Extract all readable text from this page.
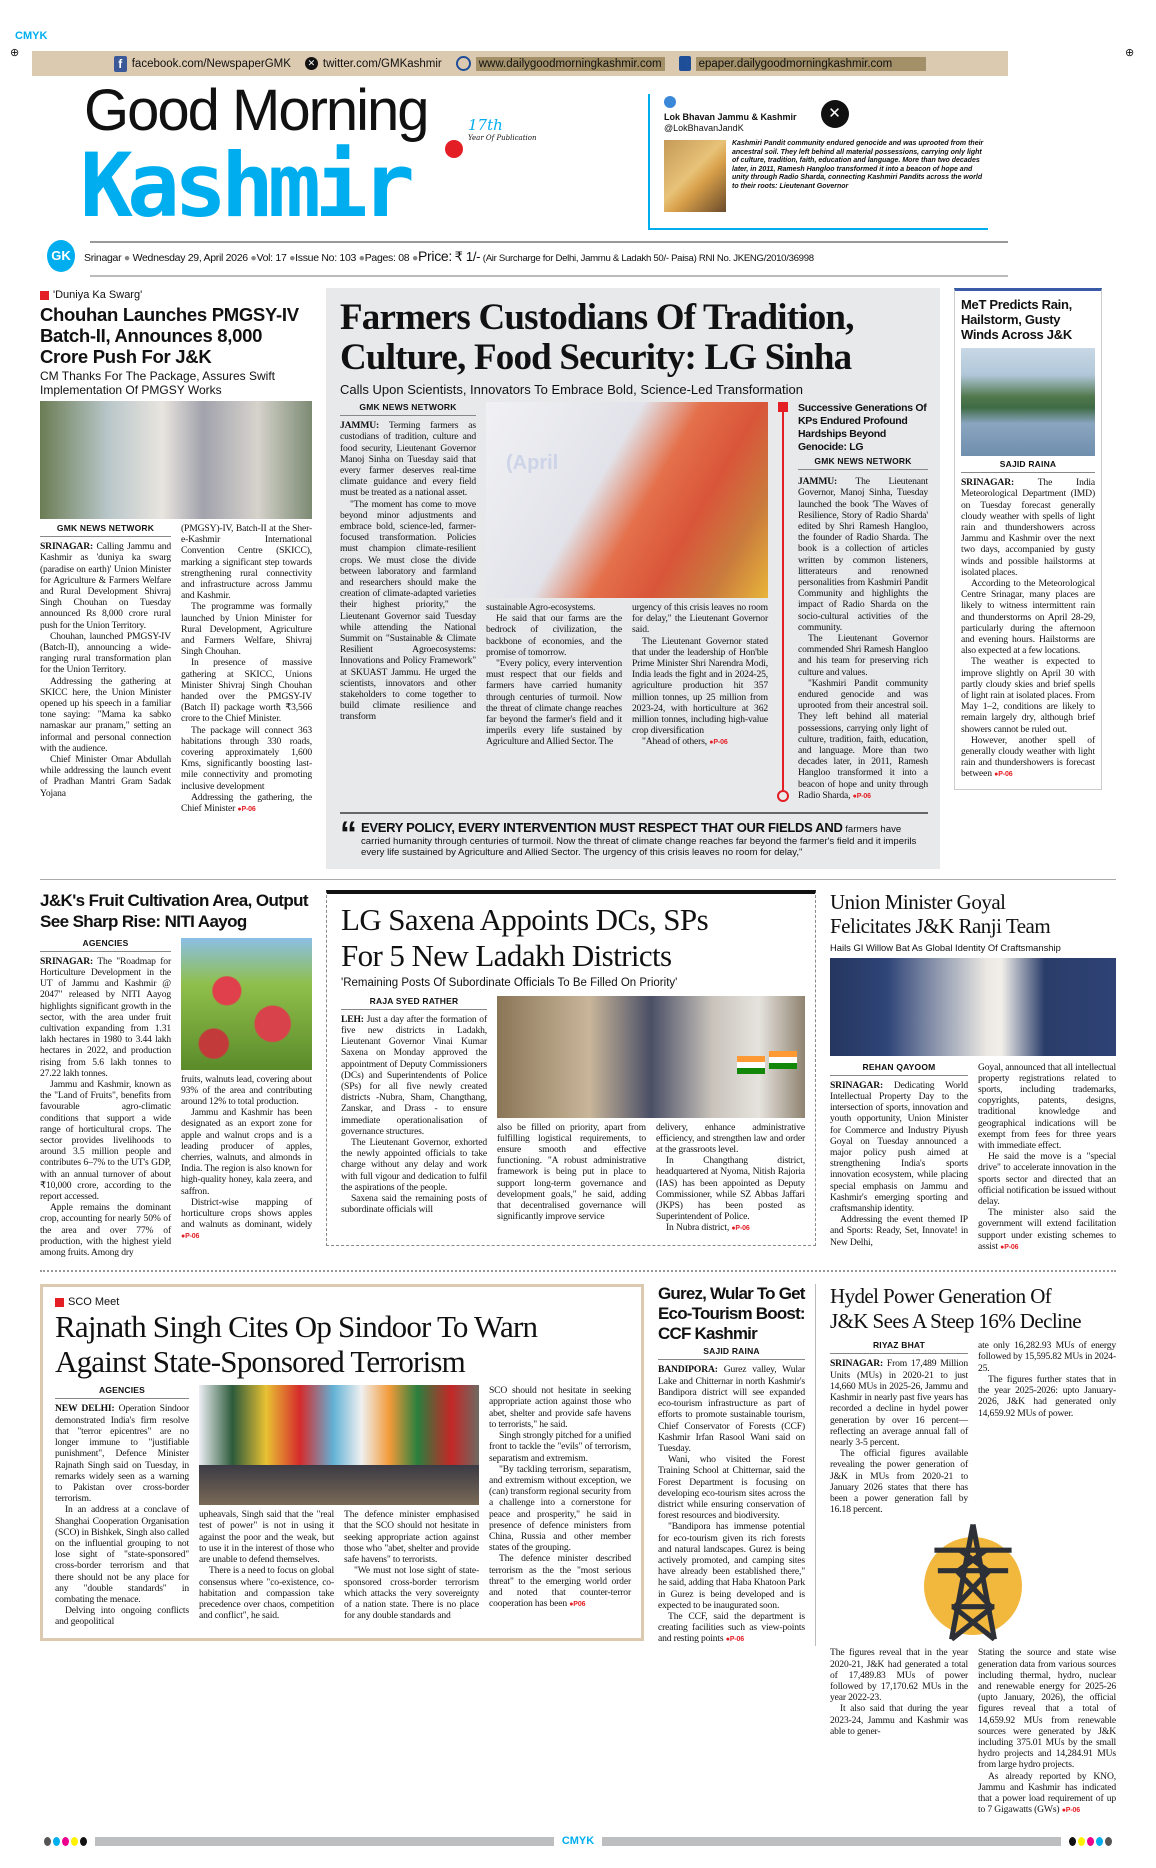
⊕	⊕
CMYK
f facebook.com/NewspaperGMK	✕ twitter.com/GMKashmir	www.dailygoodmorningkashmir.com	epaper.dailygoodmorningkashmir.com
Good Morning
Kashmir
17th
Year Of Publication
Lok Bhavan Jammu & Kashmir
@LokBhavanJandK
✕
Kashmiri Pandit community endured genocide and was uprooted from their ancestral soil. They left behind all material possessions, carrying only light of culture, tradition, faith, education and language. More than two decades later, in 2011, Ramesh Hangloo transformed it into a beacon of hope and unity through Radio Sharda, connecting Kashmiri Pandits across the world to their roots: Lieutenant Governor
GK	Srinagar ● Wednesday 29, April 2026 ●Vol: 17 ●Issue No: 103 ●Pages: 08 ●Price: ₹ 1/- (Air Surcharge for Delhi, Jammu & Ladakh 50/- Paisa) RNI No. JKENG/2010/36998
'Duniya Ka Swarg'
Chouhan Launches PMGSY-IV Batch-II, Announces 8,000 Crore Push For J&K
CM Thanks For The Package, Assures Swift Implementation Of PMGSY Works
GMK NEWS NETWORK

SRINAGAR: Calling Jammu and Kashmir as 'duniya ka swarg (paradise on earth)' Union Minister for Agriculture & Farmers Welfare and Rural Development Shivraj Singh Chouhan on Tuesday announced Rs 8,000 crore rural push for the Union Territory.

Chouhan, launched PMGSY-IV (Batch-II), announcing a wide-ranging rural transformation plan for the Union Territory.

Addressing the gathering at SKICC here, the Union Minister opened up his speech in a familiar tone saying: "Mama ka sabko namaskar aur pranam," setting an informal and personal connection with the audience.

Chief Minister Omar Abdullah while addressing the launch event of Pradhan Mantri Gram Sadak Yojana

(PMGSY)-IV, Batch-II at the Sher-e-Kashmir International Convention Centre (SKICC), marking a significant step towards strengthening rural connectivity and infrastructure across Jammu and Kashmir.

The programme was formally launched by Union Minister for Rural Development, Agriculture and Farmers Welfare, Shivraj Singh Chouhan.

In presence of massive gathering at SKICC, Unions Minister Shivraj Singh Chouhan handed over the PMGSY-IV (Batch II) package worth ₹3,566 crore to the Chief Minister.

The package will connect 363 habitations through 330 roads, covering approximately 1,600 Kms, significantly boosting last-mile connectivity and promoting inclusive development

Addressing the gathering, the Chief Minister ●P-06

Farmers Custodians Of Tradition,
Culture, Food Security: LG Sinha
Calls Upon Scientists, Innovators To Embrace Bold, Science-Led Transformation
GMK NEWS NETWORK

JAMMU: Terming farmers as custodians of tradition, culture and food security, Lieutenant Governor Manoj Sinha on Tuesday said that every farmer deserves real-time climate guidance and every field must be treated as a national asset.

"The moment has come to move beyond minor adjustments and embrace bold, science-led, farmer-focused transformation. Policies must champion climate-resilient crops. We must close the divide between laboratory and farmland and researchers should make the creation of climate-adapted varieties their highest priority," the Lieutenant Governor said Tuesday while attending the National Summit on "Sustainable & Climate Resilient Agroecosystems: Innovations and Policy Framework" at SKUAST Jammu. He urged the scientists, innovators and other stakeholders to come together to build climate resilience and transform

(April

sustainable Agro-ecosystems.

He said that our farms are the bedrock of civilization, the backbone of economies, and the promise of tomorrow.

"Every policy, every intervention must respect that our fields and farmers have carried humanity through centuries of turmoil. Now the threat of climate change reaches far beyond the farmer's field and it imperils every life sustained by Agriculture and Allied Sector. The

urgency of this crisis leaves no room for delay," the Lieutenant Governor said.

The Lieutenant Governor stated that under the leadership of Hon'ble Prime Minister Shri Narendra Modi, India leads the fight and in 2024-25, agriculture production hit 357 million tonnes, up 25 million from 2023-24, with horticulture at 362 million tonnes, including high-value crop diversification

"Ahead of others, ●P-06

Successive Generations Of KPs Endured Profound Hardships Beyond Genocide: LG
GMK NEWS NETWORK

JAMMU: The Lieutenant Governor, Manoj Sinha, Tuesday launched the book 'The Waves of Resilience, Story of Radio Sharda' edited by Shri Ramesh Hangloo, the founder of Radio Sharda. The book is a collection of articles written by common listeners, litterateurs and renowned personalities from Kashmiri Pandit Community and highlights the impact of Radio Sharda on the socio-cultural activities of the community.

The Lieutenant Governor commended Shri Ramesh Hangloo and his team for preserving rich culture and values.

"Kashmiri Pandit community endured genocide and was uprooted from their ancestral soil. They left behind all material possessions, carrying only light of culture, tradition, faith, education, and language. More than two decades later, in 2011, Ramesh Hangloo transformed it into a beacon of hope and unity through Radio Sharda, ●P-06

“ EVERY POLICY, EVERY INTERVENTION MUST RESPECT THAT OUR FIELDS AND farmers have carried humanity through centuries of turmoil. Now the threat of climate change reaches far beyond the farmer's field and it imperils every life sustained by Agriculture and Allied Sector. The urgency of this crisis leaves no room for delay,"
MeT Predicts Rain, Hailstorm, Gusty Winds Across J&K
SAJID RAINA

SRINAGAR: The India Meteorological Department (IMD) on Tuesday forecast generally cloudy weather with spells of light rain and thundershowers across Jammu and Kashmir over the next two days, accompanied by gusty winds and possible hailstorms at isolated places.

According to the Meteorological Centre Srinagar, many places are likely to witness intermittent rain and thunderstorms on April 28-29, particularly during the afternoon and evening hours. Hailstorms are also expected at a few locations.

The weather is expected to improve slightly on April 30 with partly cloudy skies and brief spells of light rain at isolated places. From May 1–2, conditions are likely to remain largely dry, although brief showers cannot be ruled out.

However, another spell of generally cloudy weather with light rain and thundershowers is forecast between ●P-06

J&K's Fruit Cultivation Area, Output See Sharp Rise: NITI Aayog
AGENCIES

SRINAGAR: The "Roadmap for Horticulture Development in the UT of Jammu and Kashmir @ 2047" released by NITI Aayog highlights significant growth in the sector, with the area under fruit cultivation expanding from 1.31 lakh hectares in 1980 to 3.44 lakh hectares in 2022, and production rising from 5.6 lakh tonnes to 27.22 lakh tonnes.

Jammu and Kashmir, known as the "Land of Fruits", benefits from favourable agro-climatic conditions that support a wide range of horticultural crops. The sector provides livelihoods to around 3.5 million people and contributes 6–7% to the UT's GDP, with an annual turnover of about ₹10,000 crore, according to the report accessed.

Apple remains the dominant crop, accounting for nearly 50% of the area and over 77% of production, with the highest yield among fruits. Among dry

fruits, walnuts lead, covering about 93% of the area and contributing around 12% to total production.

Jammu and Kashmir has been designated as an export zone for apple and walnut crops and is a leading producer of apples, cherries, walnuts, and almonds in India. The region is also known for high-quality honey, kala zeera, and saffron.

District-wise mapping of horticulture crops shows apples and walnuts as dominant, widely ●P-06

LG Saxena Appoints DCs, SPs
For 5 New Ladakh Districts
'Remaining Posts Of Subordinate Officials To Be Filled On Priority'
RAJA SYED RATHER

LEH: Just a day after the formation of five new districts in Ladakh, Lieutenant Governor Vinai Kumar Saxena on Monday approved the appointment of Deputy Commissioners (DCs) and Superintendents of Police (SPs) for all five newly created districts -Nubra, Sham, Changthang, Zanskar, and Drass - to ensure immediate operationalisation of governance structures.

The Lieutenant Governor, exhorted the newly appointed officials to take charge without any delay and work with full vigour and dedication to fulfil the aspirations of the people.

Saxena said the remaining posts of subordinate officials will

also be filled on priority, apart from fulfilling logistical requirements, to ensure smooth and effective functioning. "A robust administrative framework is being put in place to support long-term governance and development goals," he said, adding that decentralised governance will significantly improve service

delivery, enhance administrative efficiency, and strengthen law and order at the grassroots level.

In Changthang district, headquartered at Nyoma, Nitish Rajoria (IAS) has been appointed as Deputy Commissioner, while SZ Abbas Jaffari (JKPS) has been posted as Superintendent of Police.

In Nubra district, ●P-06

Union Minister Goyal
Felicitates J&K Ranji Team
Hails GI Willow Bat As Global Identity Of Craftsmanship
REHAN QAYOOM

SRINAGAR: Dedicating World Intellectual Property Day to the intersection of sports, innovation and youth opportunity, Union Minister for Commerce and Industry Piyush Goyal on Tuesday announced a major policy push aimed at strengthening India's sports innovation ecosystem, while placing special emphasis on Jammu and Kashmir's emerging sporting and craftsmanship identity.

Addressing the event themed IP and Sports: Ready, Set, Innovate! in New Delhi,

Goyal, announced that all intellectual property registrations related to sports, including trademarks, copyrights, patents, designs, traditional knowledge and geographical indications will be exempt from fees for three years with immediate effect.

He said the move is a "special drive" to accelerate innovation in the sports sector and directed that an official notification be issued without delay.

The minister also said the government will extend facilitation support under existing schemes to assist ●P-06

SCO Meet
Rajnath Singh Cites Op Sindoor To Warn
Against State-Sponsored Terrorism
AGENCIES

NEW DELHI: Operation Sindoor demonstrated India's firm resolve that "terror epicentres" are no longer immune to "justifiable punishment", Defence Minister Rajnath Singh said on Tuesday, in remarks widely seen as a warning to Pakistan over cross-border terrorism.

In an address at a conclave of Shanghai Cooperation Organisation (SCO) in Bishkek, Singh also called on the influential grouping to not lose sight of "state-sponsored" cross-border terrorism and that there should not be any place for any "double standards" in combating the menace.

Delving into ongoing conflicts and geopolitical

upheavals, Singh said that the "real test of power" is not in using it against the poor and the weak, but to use it in the interest of those who are unable to defend themselves.

There is a need to focus on global consensus where "co-existence, co-habitation and compassion take precedence over chaos, competition and conflict", he said.

The defence minister emphasised that the SCO should not hesitate in seeking appropriate action against those who "abet, shelter and provide safe havens" to terrorists.

"We must not lose sight of state-sponsored cross-border terrorism which attacks the very sovereignty of a nation state. There is no place for any double standards and

SCO should not hesitate in seeking appropriate action against those who abet, shelter and provide safe havens to terrorists," he said.

Singh strongly pitched for a unified front to tackle the "evils" of terrorism, separatism and extremism.

"By tackling terrorism, separatism, and extremism without exception, we (can) transform regional security from a challenge into a cornerstone for peace and prosperity," he said in presence of defence ministers from China, Russia and other member states of the grouping.

The defence minister described terrorism as the the "most serious threat" to the emerging world order and noted that counter-terror cooperation has been ●P06

Gurez, Wular To Get Eco-Tourism Boost: CCF Kashmir
SAJID RAINA

BANDIPORA: Gurez valley, Wular Lake and Chitternar in north Kashmir's Bandipora district will see expanded eco-tourism infrastructure as part of efforts to promote sustainable tourism, Chief Conservator of Forests (CCF) Kashmir Irfan Rasool Wani said on Tuesday.

Wani, who visited the Forest Training School at Chitternar, said the Forest Department is focusing on developing eco-tourism sites across the district while ensuring conservation of forest resources and biodiversity.

"Bandipora has immense potential for eco-tourism given its rich forests and natural landscapes. Gurez is being actively promoted, and camping sites have already been established there," he said, adding that Haba Khatoon Park in Gurez is being developed and is expected to be inaugurated soon.

The CCF, said the department is creating facilities such as view-points and resting points ●P-06

Hydel Power Generation Of
J&K Sees A Steep 16% Decline
RIYAZ BHAT

SRINAGAR: From 17,489 Million Units (MUs) in 2020-21 to just 14,660 MUs in 2025-26, Jammu and Kashmir in nearly past five years has recorded a decline in hydel power generation by over 16 percent— reflecting an average annual fall of nearly 3-5 percent.

The official figures available revealing the power generation of J&K in MUs from 2020-21 to January 2026 states that there has been a power generation fall by 16.18 percent.

ate only 16,282.93 MUs of energy followed by 15,595.82 MUs in 2024-25.

The figures further states that in the year 2025-2026: upto January-2026, J&K had generated only 14,659.92 MUs of power.

The figures reveal that in the year 2020-21, J&K had generated a total of 17,489.83 MUs of power followed by 17,170.62 MUs in the year 2022-23.

It also said that during the year 2023-24, Jammu and Kashmir was able to gener-

Stating the source and state wise generation data from various sources including thermal, hydro, nuclear and renewable energy for 2025-26 (upto January, 2026), the official figures reveal that a total of 14,659.92 MUs from renewable sources were generated by J&K including 375.01 MUs by the small hydro projects and 14,284.91 MUs from large hydro projects.

As already reported by KNO, Jammu and Kashmir has indicated that a power load requirement of up to 7 Gigawatts (GWs) ●P-06

CMYK
